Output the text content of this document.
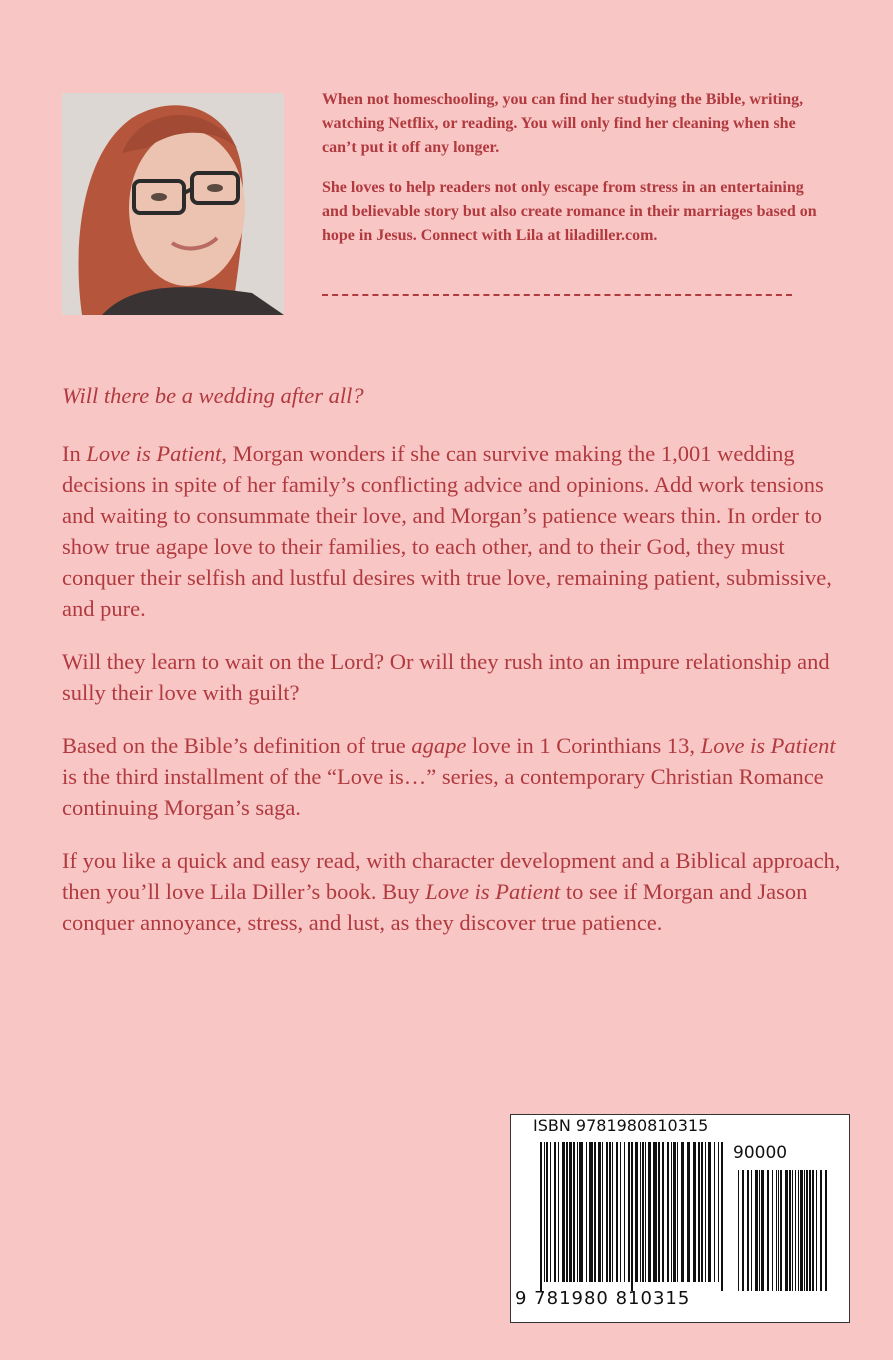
When not homeschooling, you can find her studying the Bible, writing, watching Netflix, or reading. You will only find her cleaning when she can’t put it off any longer.

She loves to help readers not only escape from stress in an entertaining and believable story but also create romance in their marriages based on hope in Jesus. Connect with Lila at liladiller.com.

Will there be a wedding after all?

In Love is Patient, Morgan wonders if she can survive making the 1,001 wedding decisions in spite of her family’s conflicting advice and opinions. Add work tensions and waiting to consummate their love, and Morgan’s patience wears thin. In order to show true agape love to their families, to each other, and to their God, they must conquer their selfish and lustful desires with true love, remaining patient, submissive, and pure.

Will they learn to wait on the Lord? Or will they rush into an impure relationship and sully their love with guilt?

Based on the Bible’s definition of true agape love in 1 Corinthians 13, Love is Patient is the third installment of the “Love is…” series, a contemporary Christian Romance continuing Morgan’s saga.

If you like a quick and easy read, with character development and a Biblical approach, then you’ll love Lila Diller’s book. Buy Love is Patient to see if Morgan and Jason conquer annoyance, stress, and lust, as they discover true patience.

ISBN 9781980810315
90000
9 781980 810315
